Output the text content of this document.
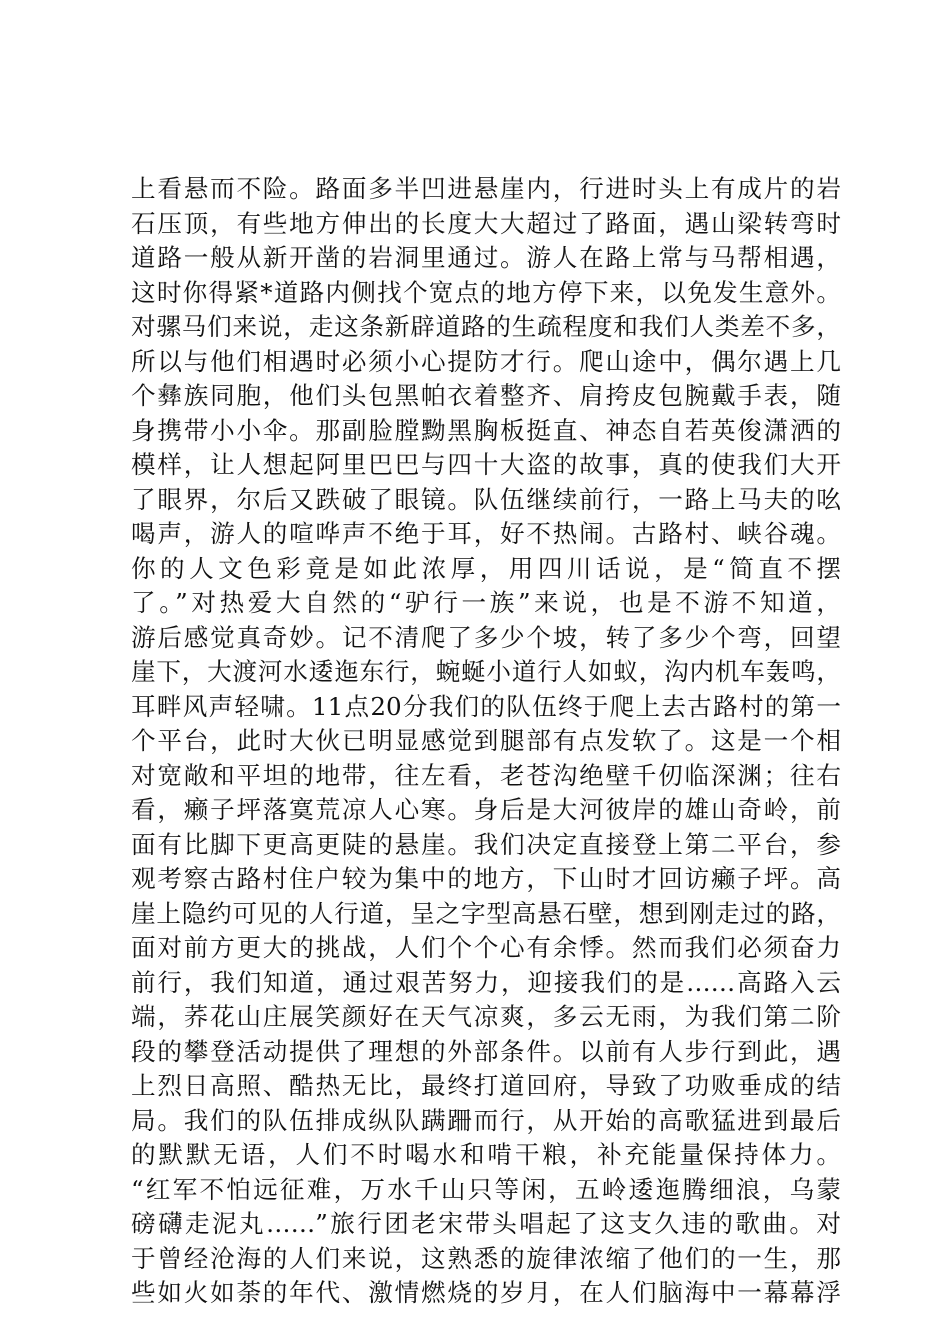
上看悬而不险。路面多半凹进悬崖内，行进时头上有成片的岩
石压顶，有些地方伸出的长度大大超过了路面，遇山梁转弯时
道路一般从新开凿的岩洞里通过。游人在路上常与马帮相遇，
这时你得紧*道路内侧找个宽点的地方停下来，以免发生意外。
对骡马们来说，走这条新辟道路的生疏程度和我们人类差不多，
所以与他们相遇时必须小心提防才行。爬山途中，偶尔遇上几
个彝族同胞，他们头包黑帕衣着整齐、肩挎皮包腕戴手表，随
身携带小小伞。那副脸膛黝黑胸板挺直、神态自若英俊潇洒的
模样，让人想起阿里巴巴与四十大盗的故事，真的使我们大开
了眼界，尔后又跌破了眼镜。队伍继续前行，一路上马夫的吆
喝声，游人的喧哗声不绝于耳，好不热闹。古路村、峡谷魂。
你的人文色彩竟是如此浓厚，用四川话说，是“简直不摆
了。”对热爱大自然的“驴行一族”来说，也是不游不知道，
游后感觉真奇妙。记不清爬了多少个坡，转了多少个弯，回望
崖下，大渡河水逶迤东行，蜿蜒小道行人如蚁，沟内机车轰鸣，
耳畔风声轻啸。11点20分我们的队伍终于爬上去古路村的第一
个平台，此时大伙已明显感觉到腿部有点发软了。这是一个相
对宽敞和平坦的地带，往左看，老苍沟绝壁千仞临深渊；往右
看，癞子坪落寞荒凉人心寒。身后是大河彼岸的雄山奇岭，前
面有比脚下更高更陡的悬崖。我们决定直接登上第二平台，参
观考察古路村住户较为集中的地方，下山时才回访癞子坪。高
崖上隐约可见的人行道，呈之字型高悬石壁，想到刚走过的路，
面对前方更大的挑战，人们个个心有余悸。然而我们必须奋力
前行，我们知道，通过艰苦努力，迎接我们的是……高路入云
端，荞花山庄展笑颜好在天气凉爽，多云无雨，为我们第二阶
段的攀登活动提供了理想的外部条件。以前有人步行到此，遇
上烈日高照、酷热无比，最终打道回府，导致了功败垂成的结
局。我们的队伍排成纵队蹒跚而行，从开始的高歌猛进到最后
的默默无语，人们不时喝水和啃干粮，补充能量保持体力。
“红军不怕远征难，万水千山只等闲，五岭逶迤腾细浪，乌蒙
磅礴走泥丸……”旅行团老宋带头唱起了这支久违的歌曲。对
于曾经沧海的人们来说，这熟悉的旋律浓缩了他们的一生，那
些如火如荼的年代、激情燃烧的岁月，在人们脑海中一幕幕浮
